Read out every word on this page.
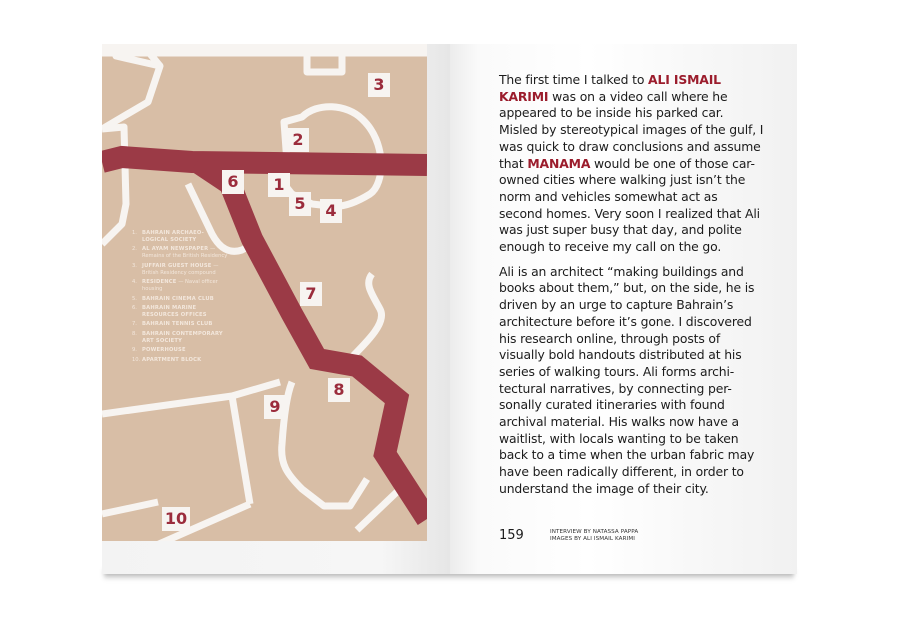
3
2
6	1
5	4
7
8
9
10
1. BAHRAIN ARCHAEO-LOGICAL SOCIETY
2. AL AYAM NEWSPAPER — Remains of the British Residency
3. JUFFAIR GUEST HOUSE — British Residency compound
4. RESIDENCE — Naval officer housing
5. BAHRAIN CINEMA CLUB
6. BAHRAIN MARINE RESOURCES OFFICES
7. BAHRAIN TENNIS CLUB
8. BAHRAIN CONTEMPORARY ART SOCIETY
9. POWERHOUSE
10. APARTMENT BLOCK

The first time I talked to ALI ISMAIL KARIMI was on a video call where he appeared to be inside his parked car. Misled by stereotypical images of the gulf, I was quick to draw conclusions and assume that MANAMA would be one of those car-owned cities where walking just isn’t the norm and vehicles somewhat act as second homes. Very soon I realized that Ali was just super busy that day, and polite enough to receive my call on the go.

Ali is an architect “making buildings and books about them,” but, on the side, he is driven by an urge to capture Bahrain’s architecture before it’s gone. I discovered his research online, through posts of visually bold handouts distributed at his series of walking tours. Ali forms archi-tectural narratives, by connecting per-sonally curated itineraries with found archival material. His walks now have a waitlist, with locals wanting to be taken back to a time when the urban fabric may have been radically different, in order to understand the image of their city.

159	INTERVIEW BY NATASSA PAPPA
IMAGES BY ALI ISMAIL KARIMI
